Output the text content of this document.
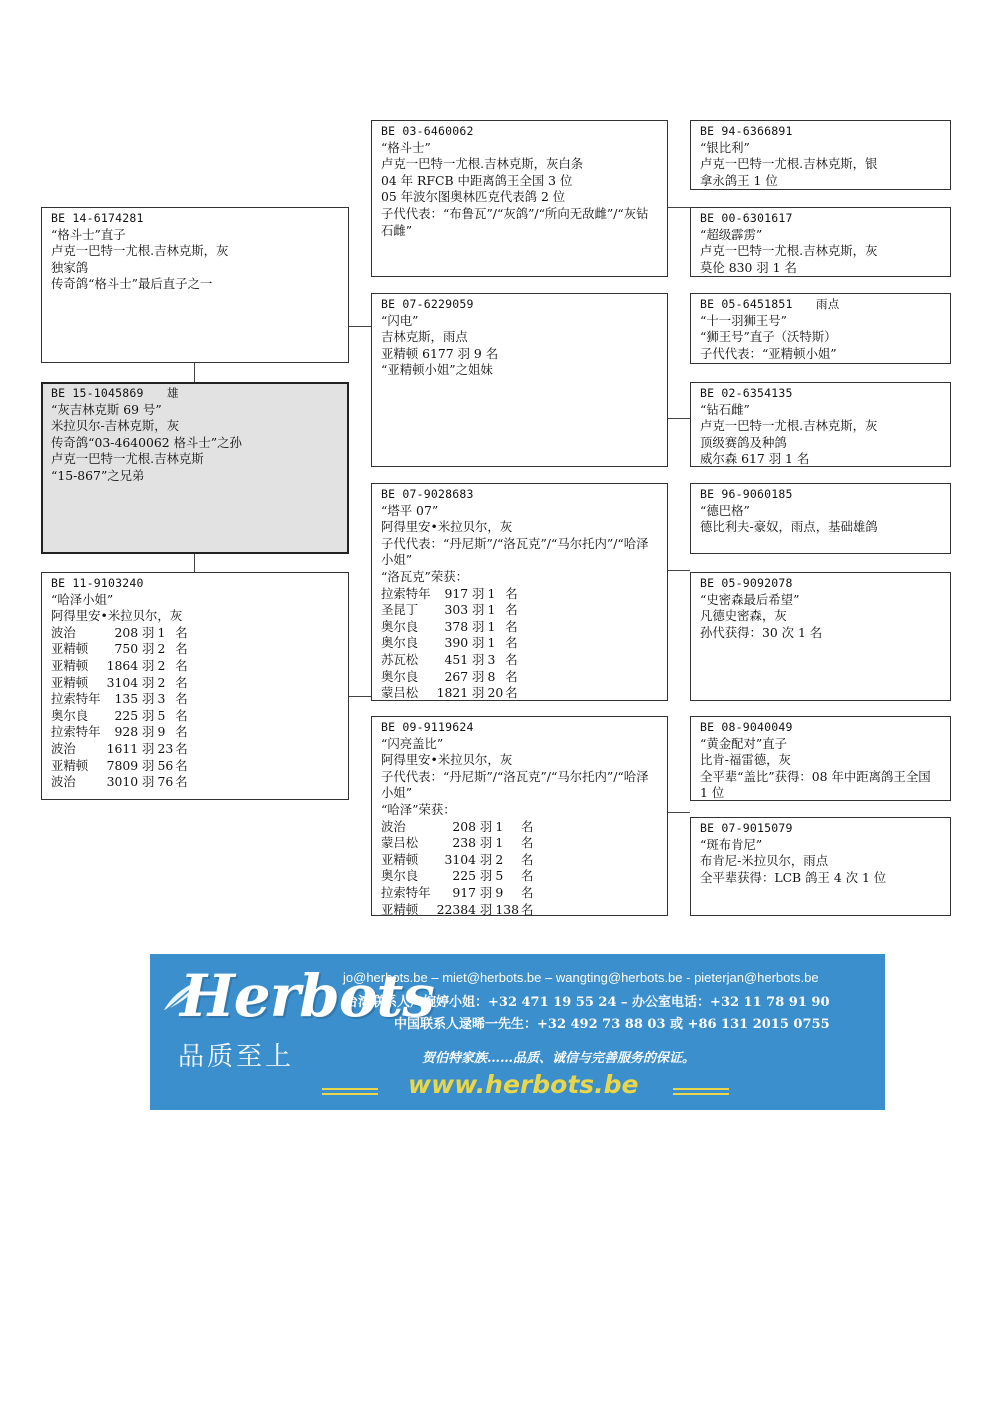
BE 14-6174281
“格斗士”直子
卢克一巴特一尤根.吉林克斯，灰
独家鸽
传奇鸽“格斗士”最后直子之一
BE 15-1045869　　雄
“灰吉林克斯 69 号”
米拉贝尔-吉林克斯，灰
传奇鸽“03-4640062 格斗士”之孙
卢克一巴特一尤根.吉林克斯
“15-867”之兄弟
BE 11-9103240
“哈泽小姐”
阿得里安•米拉贝尔，灰
波治	208 羽	1	名
亚精顿	750 羽	2	名
亚精顿	1864 羽	2	名
亚精顿	3104 羽	2	名
拉索特年	135 羽	3	名
奥尔良	225 羽	5	名
拉索特年	928 羽	9	名
波治	1611 羽	23	名
亚精顿	7809 羽	56	名
波治	3010 羽	76	名
BE 03-6460062
“格斗士”
卢克一巴特一尤根.吉林克斯，灰白条
04 年 RFCB 中距离鸽王全国 3 位
05 年波尔图奥林匹克代表鸽 2 位
子代代表：“布鲁瓦”/“灰鸽”/“所向无敌雌”/“灰钻石雌”
BE 07-6229059
“闪电”
吉林克斯，雨点
亚精顿 6177 羽 9 名
“亚精顿小姐”之姐妹
BE 07-9028683
“塔平 07”
阿得里安•米拉贝尔，灰
子代代表：“丹尼斯”/“洛瓦克”/“马尔托内”/“哈泽小姐”
“洛瓦克”荣获：
拉索特年	917 羽	1	名
圣昆丁	303 羽	1	名
奥尔良	378 羽	1	名
奥尔良	390 羽	1	名
苏瓦松	451 羽	3	名
奥尔良	267 羽	8	名
蒙吕松	1821 羽	20	名
BE 09-9119624
“闪亮盖比”
阿得里安•米拉贝尔，灰
子代代表：“丹尼斯”/“洛瓦克”/“马尔托内”/“哈泽小姐”
“哈泽”荣获：
波治	208 羽	1	名
蒙吕松	238 羽	1	名
亚精顿	3104 羽	2	名
奥尔良	225 羽	5	名
拉索特年	917 羽	9	名
亚精顿	22384 羽	138	名
BE 94-6366891
“银比利”
卢克一巴特一尤根.吉林克斯，银
拿永鸽王 1 位
BE 00-6301617
“超级霹雳”
卢克一巴特一尤根.吉林克斯，灰
莫伦 830 羽 1 名
BE 05-6451851　　雨点
“十一羽狮王号”
“狮王号”直子（沃特斯）
子代代表：“亚精顿小姐”
BE 02-6354135
“钻石雌”
卢克一巴特一尤根.吉林克斯，灰
顶级赛鸽及种鸽
威尔森 617 羽 1 名
BE 96-9060185
“德巴格”
德比利夫-豪奴，雨点，基础雄鸽
BE 05-9092078
“史密森最后希望”
凡德史密森，灰
孙代获得：30 次 1 名
BE 08-9040049
“黄金配对”直子
比肯-福雷德，灰
全平辈“盖比”获得：08 年中距离鸽王全国 1 位
BE 07-9015079
“斑布肯尼”
布肯尼-米拉贝尔，雨点
全平辈获得：LCB 鸽王 4 次 1 位
Herbots
品质至上
jo@herbots.be – miet@herbots.be – wangting@herbots.be - pieterjan@herbots.be
台湾联系人户婉婷小姐：+32 471 19 55 24 – 办公室电话：+32 11 78 91 90
中国联系人逯晞一先生：+32 492 73 88 03 或 +86 131 2015 0755
贺伯特家族……品质、诚信与完善服务的保证。
www.herbots.be
